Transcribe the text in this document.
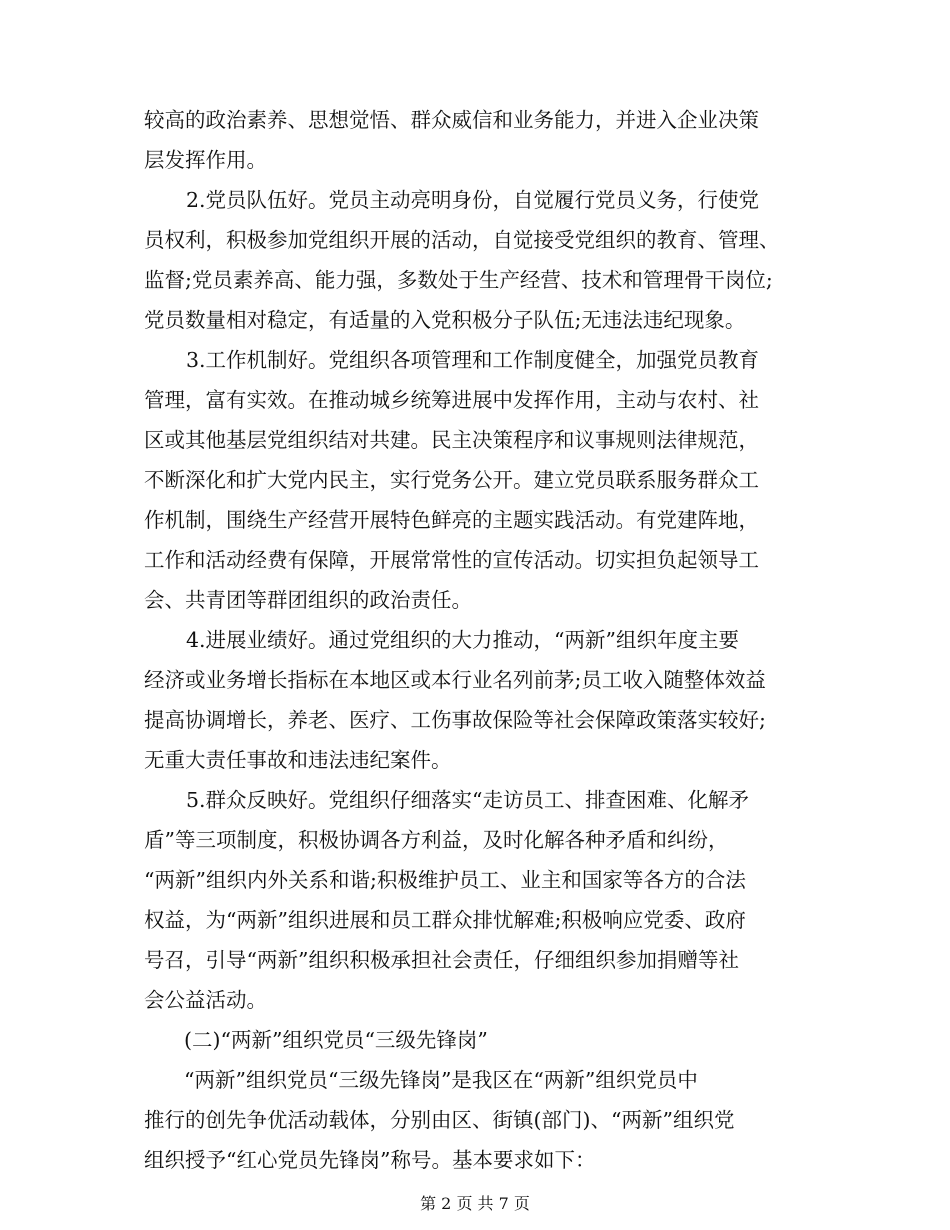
较高的政治素养、思想觉悟、群众威信和业务能力，并进入企业决策
层发挥作用。
2.党员队伍好。党员主动亮明身份，自觉履行党员义务，行使党
员权利，积极参加党组织开展的活动，自觉接受党组织的教育、管理、
监督;党员素养高、能力强，多数处于生产经营、技术和管理骨干岗位;
党员数量相对稳定，有适量的入党积极分子队伍;无违法违纪现象。
3.工作机制好。党组织各项管理和工作制度健全，加强党员教育
管理，富有实效。在推动城乡统筹进展中发挥作用，主动与农村、社
区或其他基层党组织结对共建。民主决策程序和议事规则法律规范，
不断深化和扩大党内民主，实行党务公开。建立党员联系服务群众工
作机制，围绕生产经营开展特色鲜亮的主题实践活动。有党建阵地，
工作和活动经费有保障，开展常常性的宣传活动。切实担负起领导工
会、共青团等群团组织的政治责任。
4.进展业绩好。通过党组织的大力推动，“两新”组织年度主要
经济或业务增长指标在本地区或本行业名列前茅;员工收入随整体效益
提高协调增长，养老、医疗、工伤事故保险等社会保障政策落实较好;
无重大责任事故和违法违纪案件。
5.群众反映好。党组织仔细落实“走访员工、排查困难、化解矛
盾”等三项制度，积极协调各方利益，及时化解各种矛盾和纠纷，
“两新”组织内外关系和谐;积极维护员工、业主和国家等各方的合法
权益，为“两新”组织进展和员工群众排忧解难;积极响应党委、政府
号召，引导“两新”组织积极承担社会责任，仔细组织参加捐赠等社
会公益活动。
(二)“两新”组织党员“三级先锋岗”
“两新”组织党员“三级先锋岗”是我区在“两新”组织党员中
推行的创先争优活动载体，分别由区、街镇(部门)、“两新”组织党
组织授予“红心党员先锋岗”称号。基本要求如下：
第 2 页 共 7 页
